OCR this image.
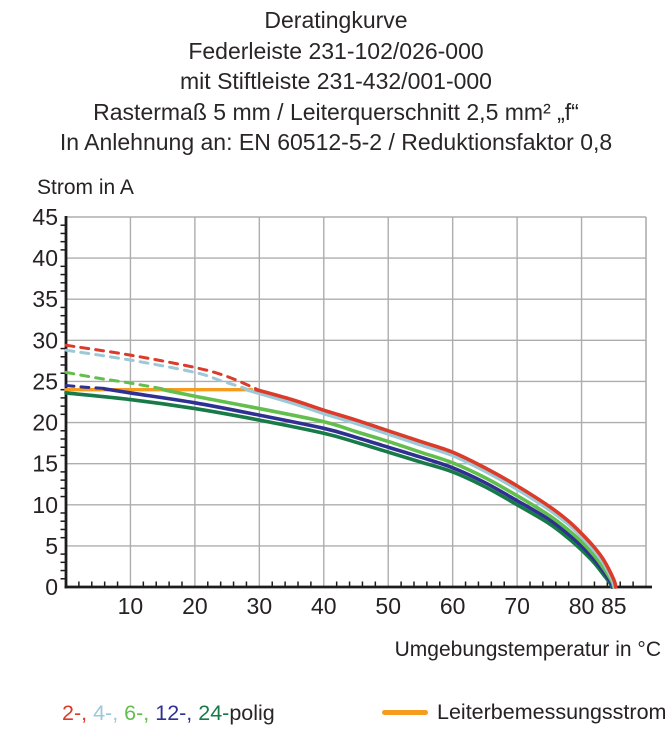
10 20 30 40 50 60 70 80 85
0
5
10
15
20
25
30
35
40
45
Deratingkurve
Federleiste 231-102/026-000
mit Stiftleiste 231-432/001-000
Rastermaß 5 mm / Leiterquerschnitt 2,5 mm² „f“
In Anlehnung an: EN 60512-5-2 / Reduktionsfaktor 0,8
Strom in A
Umgebungstemperatur in °C
2-, 4-, 6-, 12-, 24-polig	Leiterbemessungsstrom
